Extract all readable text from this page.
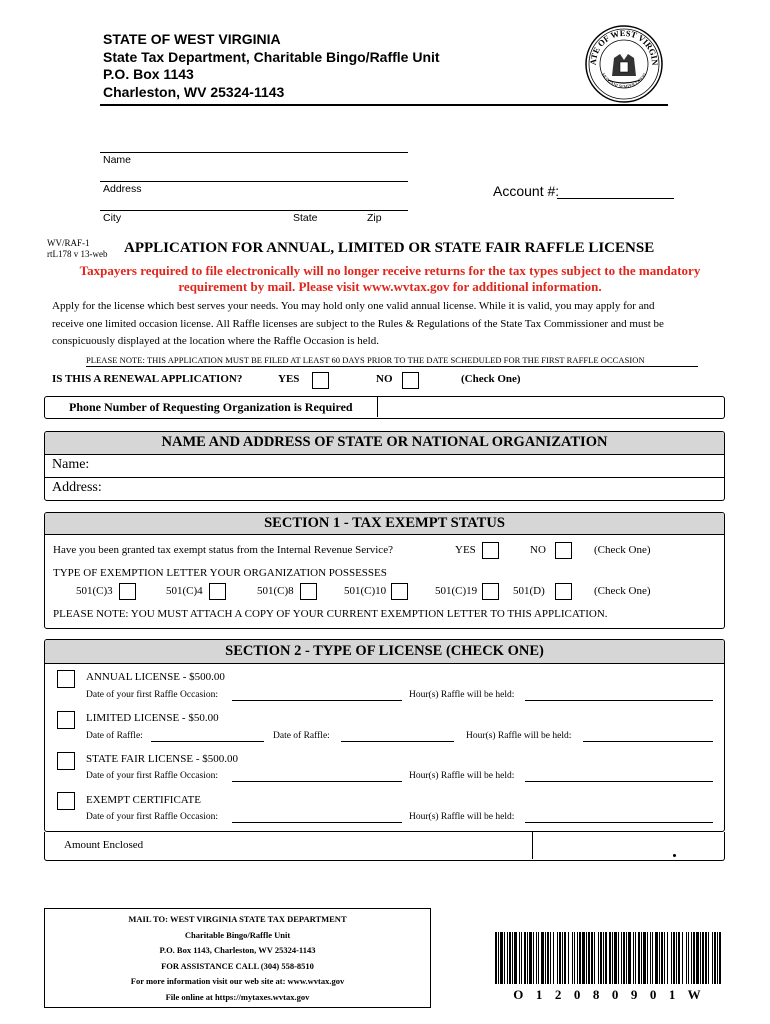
STATE OF WEST VIRGINIA
State Tax Department, Charitable Bingo/Raffle Unit
P.O. Box 1143
Charleston, WV 25324-1143
ATE OF WEST VIRGIN
MONTANI SEMPER LIBERI
Name
Address
City	State	Zip
Account #:
WV/RAF-1
rtL178 v 13-web APPLICATION FOR ANNUAL, LIMITED OR STATE FAIR RAFFLE LICENSE
Taxpayers required to file electronically will no longer receive returns for the tax types subject to the mandatory
requirement by mail. Please visit www.wvtax.gov for additional information.
Apply for the license which best serves your needs. You may hold only one valid annual license. While it is valid, you may apply for and
receive one limited occasion license. All Raffle licenses are subject to the Rules & Regulations of the State Tax Commissioner and must be
conspicuously displayed at the location where the Raffle Occasion is held.
PLEASE NOTE: THIS APPLICATION MUST BE FILED AT LEAST 60 DAYS PRIOR TO THE DATE SCHEDULED FOR THE FIRST RAFFLE OCCASION
IS THIS A RENEWAL APPLICATION?	YES	NO	(Check One)
Phone Number of Requesting Organization is Required
NAME AND ADDRESS OF STATE OR NATIONAL ORGANIZATION
Name:
Address:
SECTION 1 - TAX EXEMPT STATUS
Have you been granted tax exempt status from the Internal Revenue Service?	YES	NO	(Check One)
TYPE OF EXEMPTION LETTER YOUR ORGANIZATION POSSESSES
501(C)3	501(C)4	501(C)8	501(C)10	501(C)19	501(D)	(Check One)
PLEASE NOTE: YOU MUST ATTACH A COPY OF YOUR CURRENT EXEMPTION LETTER TO THIS APPLICATION.
SECTION 2 - TYPE OF LICENSE (CHECK ONE)
ANNUAL LICENSE - $500.00
Date of your first Raffle Occasion:	Hour(s) Raffle will be held:
LIMITED LICENSE - $50.00
Date of Raffle:	Date of Raffle:	Hour(s) Raffle will be held:
STATE FAIR LICENSE - $500.00
Date of your first Raffle Occasion:	Hour(s) Raffle will be held:
EXEMPT CERTIFICATE
Date of your first Raffle Occasion:	Hour(s) Raffle will be held:
Amount Enclosed
MAIL TO: WEST VIRGINIA STATE TAX DEPARTMENT
Charitable Bingo/Raffle Unit
P.O. Box 1143, Charleston, WV 25324-1143
FOR ASSISTANCE CALL (304) 558-8510
For more information visit our web site at: www.wvtax.gov
File online at https://mytaxes.wvtax.gov	O  1  2  0  8  0  9  0  1  W
